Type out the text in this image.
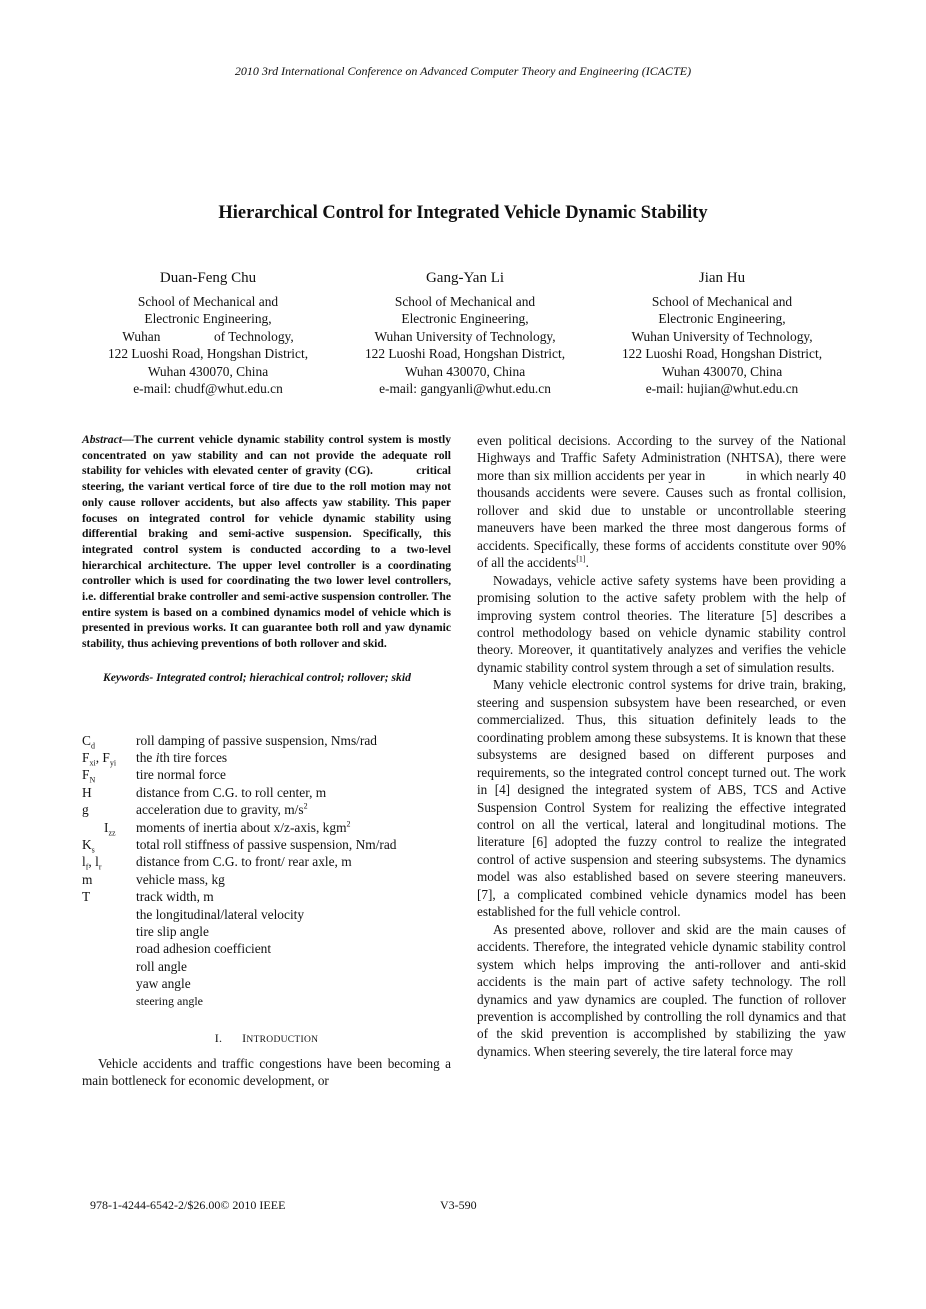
2010 3rd International Conference on Advanced Computer Theory and Engineering (ICACTE)
Hierarchical Control for Integrated Vehicle Dynamic Stability
Duan-Feng Chu
School of Mechanical and
Electronic Engineering,
Wuhan                of Technology,
122 Luoshi Road, Hongshan District,
Wuhan 430070, China
e-mail: chudf@whut.edu.cn
Gang-Yan Li
School of Mechanical and
Electronic Engineering,
Wuhan University of Technology,
122 Luoshi Road, Hongshan District,
Wuhan 430070, China
e-mail: gangyanli@whut.edu.cn
Jian Hu
School of Mechanical and
Electronic Engineering,
Wuhan University of Technology,
122 Luoshi Road, Hongshan District,
Wuhan 430070, China
e-mail: hujian@whut.edu.cn
Abstract—The current vehicle dynamic stability control system is mostly concentrated on yaw stability and can not provide the adequate roll stability for vehicles with elevated center of gravity (CG).           critical steering, the variant vertical force of tire due to the roll motion may not only cause rollover accidents, but also affects yaw stability. This paper focuses on integrated control for vehicle dynamic stability using differential braking and semi-active suspension. Specifically, this integrated control system is conducted according to a two-level hierarchical architecture. The upper level controller is a coordinating controller which is used for coordinating the two lower level controllers, i.e. differential brake controller and semi-active suspension controller. The entire system is based on a combined dynamics model of vehicle which is presented in previous works. It can guarantee both roll and yaw dynamic stability, thus achieving preventions of both rollover and skid.
Keywords- Integrated control; hierachical control; rollover; skid
$C_d$	roll damping of passive suspension, Nms/rad
$F_{xi}$, $F_{yi}$	the ith tire forces
$F_N$	tire normal force
H	distance from C.G. to roll center, m
g	acceleration due to gravity, $m/s^2$
$I_{zz}$	moments of inertia about x/z-axis, kgm$^2$
$K_s$	total roll stiffness of passive suspension, Nm/rad
$l_f$, $l_r$	distance from C.G. to front/ rear axle, m
m	vehicle mass, kg
T	track width, m
the longitudinal/lateral velocity
tire slip angle
road adhesion coefficient
roll angle
yaw angle
steering angle
I. INTRODUCTION

Vehicle accidents and traffic congestions have been becoming a main bottleneck for economic development, or

even political decisions. According to the survey of the National Highways and Traffic Safety Administration (NHTSA), there were more than six million accidents per year in           in which nearly 40 thousands accidents were severe. Causes such as frontal collision, rollover and skid due to unstable or uncontrollable steering maneuvers have been marked the three most dangerous forms of accidents. Specifically, these forms of accidents constitute over 90% of all the accidents[1].

Nowadays, vehicle active safety systems have been providing a promising solution to the active safety problem with the help of improving system control theories. The literature [5] describes a control methodology based on vehicle dynamic stability control theory. Moreover, it quantitatively analyzes and verifies the vehicle dynamic stability control system through a set of simulation results.

Many vehicle electronic control systems for drive train, braking, steering and suspension subsystem have been researched, or even commercialized. Thus, this situation definitely leads to the coordinating problem among these subsystems. It is known that these subsystems are designed based on different purposes and requirements, so the integrated control concept turned out. The work in [4] designed the integrated system of ABS, TCS and Active Suspension Control System for realizing the effective integrated control on all the vertical, lateral and longitudinal motions. The literature [6] adopted the fuzzy control to realize the integrated control of active suspension and steering subsystems. The dynamics model was also established based on severe steering maneuvers.      [7], a complicated combined vehicle dynamics model has been established for the full vehicle control.

As presented above, rollover and skid are the main causes of accidents. Therefore, the integrated vehicle dynamic stability control system which helps improving the anti-rollover and anti-skid accidents is the main part of active safety technology. The roll dynamics and yaw dynamics are coupled. The function of rollover prevention is accomplished by controlling the roll dynamics and that of the skid prevention is accomplished by stabilizing the yaw dynamics. When steering severely, the tire lateral force may

978-1-4244-6542-2/$26.00© 2010 IEEE	V3-590
